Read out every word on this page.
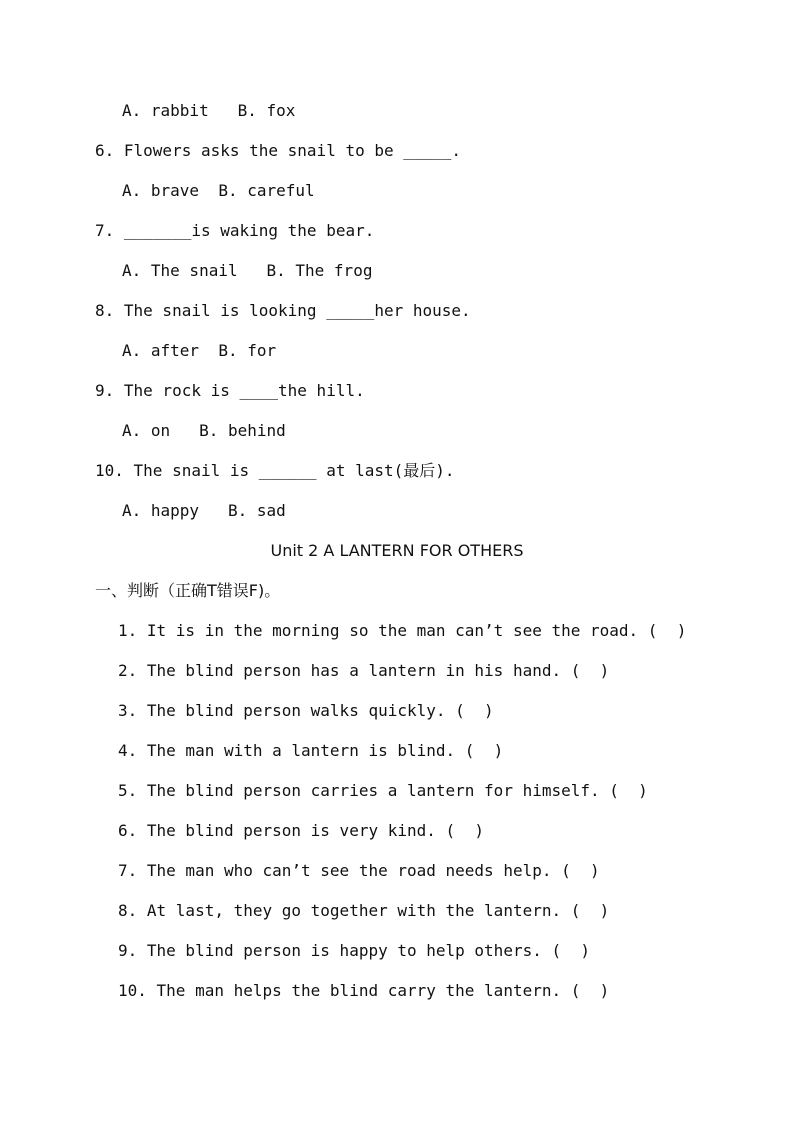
A. rabbit   B. fox
6. Flowers asks the snail to be _____.
A. brave  B. careful
7. _______is waking the bear.
A. The snail   B. The frog
8. The snail is looking _____her house.
A. after  B. for
9. The rock is ____the hill.
A. on   B. behind
10. The snail is ______ at last(最后).
A. happy   B. sad
Unit 2 A LANTERN FOR OTHERS
一、判断（正确T错误F)。
1. It is in the morning so the man can’t see the road. (  )
2. The blind person has a lantern in his hand. (  )
3. The blind person walks quickly. (  )
4. The man with a lantern is blind. (  )
5. The blind person carries a lantern for himself. (  )
6. The blind person is very kind. (  )
7. The man who can’t see the road needs help. (  )
8. At last, they go together with the lantern. (  )
9. The blind person is happy to help others. (  )
10. The man helps the blind carry the lantern. (  )
